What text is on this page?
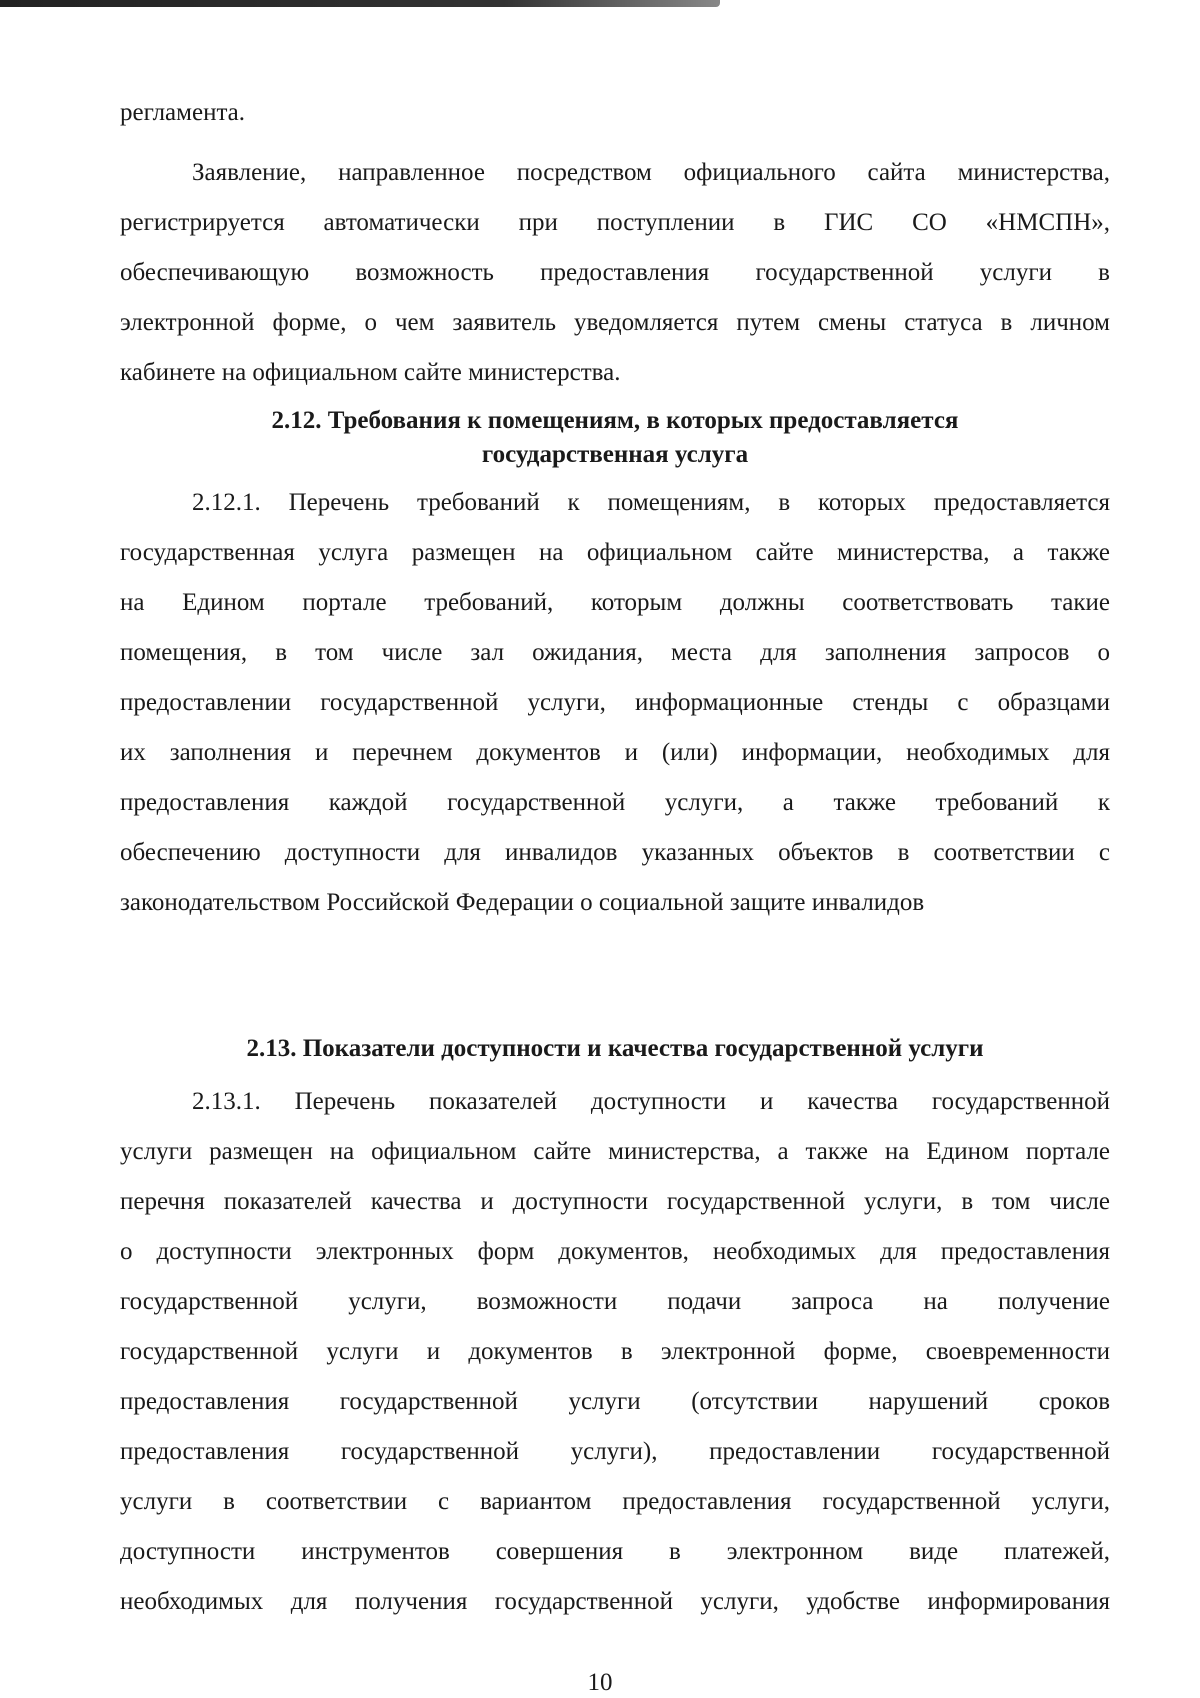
регламента.
Заявление, направленное посредством официального сайта министерства,
регистрируется автоматически при поступлении в ГИС СО «НМСПН»,
обеспечивающую возможность предоставления государственной услуги в
электронной форме, о чем заявитель уведомляется путем смены статуса в личном
кабинете на официальном сайте министерства.
2.12. Требования к помещениям, в которых предоставляется
государственная услуга
2.12.1. Перечень требований к помещениям, в которых предоставляется
государственная услуга размещен на официальном сайте министерства, а также
на Едином портале требований, которым должны соответствовать такие
помещения, в том числе зал ожидания, места для заполнения запросов о
предоставлении государственной услуги, информационные стенды с образцами
их заполнения и перечнем документов и (или) информации, необходимых для
предоставления каждой государственной услуги, а также требований к
обеспечению доступности для инвалидов указанных объектов в соответствии с
законодательством Российской Федерации о социальной защите инвалидов
2.13. Показатели доступности и качества государственной услуги
2.13.1. Перечень показателей доступности и качества государственной
услуги размещен на официальном сайте министерства, а также на Едином портале
перечня показателей качества и доступности государственной услуги, в том числе
о доступности электронных форм документов, необходимых для предоставления
государственной услуги, возможности подачи запроса на получение
государственной услуги и документов в электронной форме, своевременности
предоставления государственной услуги (отсутствии нарушений сроков
предоставления государственной услуги), предоставлении государственной
услуги в соответствии с вариантом предоставления государственной услуги,
доступности инструментов совершения в электронном виде платежей,
необходимых для получения государственной услуги, удобстве информирования
10
